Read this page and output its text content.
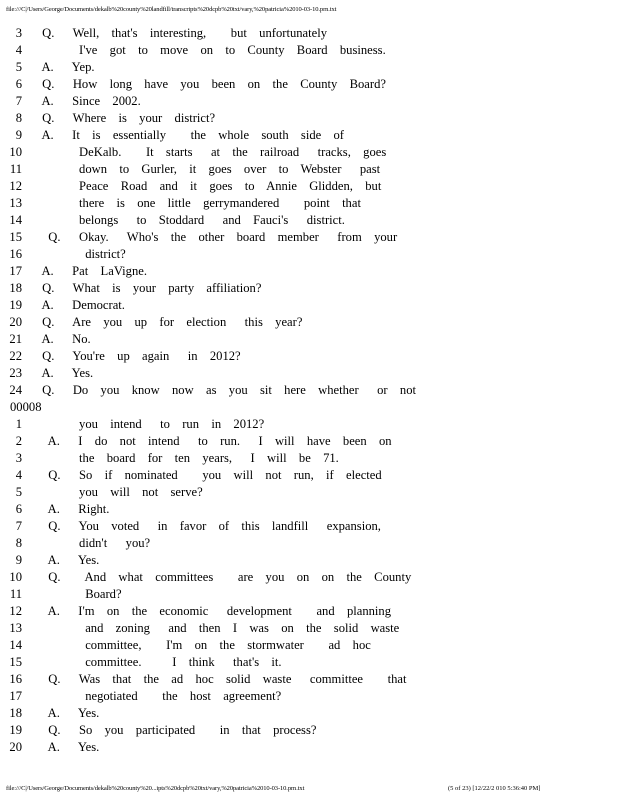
file:///C|/Users/George/Documents/dekalb%20county%20landfill/transcripts%20dcpb%20txt/vary,%20patricia%2010-03-10.prn.txt
3 Q.   Well,  that's  interesting,    but  unfortunately
4 I've  got  to  move  on  to  County  Board  business.
5 A.   Yep.
6 Q.   How  long  have  you  been  on  the  County  Board?
7 A.   Since  2002.
8 Q.   Where  is  your  district?
9 A.   It  is  essentially    the  whole  south  side  of
10 DeKalb.    It  starts   at  the  railroad   tracks,  goes
11 down  to  Gurler,  it  goes  over  to  Webster   past
12 Peace  Road  and  it  goes  to  Annie  Glidden,  but
13 there  is  one  little  gerrymandered    point  that
14 belongs   to  Stoddard   and  Fauci's   district.
15 Q.   Okay.   Who's  the  other  board  member   from  your
16 district?
17 A.   Pat  LaVigne.
18 Q.   What  is  your  party  affiliation?
19 A.   Democrat.
20 Q.   Are  you  up  for  election   this  year?
21 A.   No.
22 Q.   You're  up  again   in  2012?
23 A.   Yes.
24 Q.   Do  you  know  now  as  you  sit  here  whether   or  not
00008
1 you  intend   to  run  in  2012?
2 A.   I  do  not  intend   to  run.   I  will  have  been  on
3 the  board  for  ten  years,   I  will  be  71.
4 Q.   So  if  nominated    you  will  not  run,  if  elected
5 you  will  not  serve?
6 A.   Right.
7 Q.   You  voted   in  favor  of  this  landfill   expansion,
8 didn't   you?
9 A.   Yes.
10 Q.    And  what  committees    are  you  on  on  the  County
11 Board?
12 A.   I'm  on  the  economic   development    and  planning
13 and  zoning   and  then  I  was  on  the  solid  waste
14 committee,    I'm  on  the  stormwater    ad  hoc
15 committee.     I  think   that's  it.
16 Q.   Was  that  the  ad  hoc  solid  waste   committee    that
17 negotiated    the  host  agreement?
18 A.   Yes.
19 Q.   So  you  participated    in  that  process?
20 A.   Yes.
file:///C|/Users/George/Documents/dekalb%20county%20...ipts%20dcpb%20txt/vary,%20patricia%2010-03-10.prn.txt	(5 of 23) [12/22/2 010 5:36:40 PM]
